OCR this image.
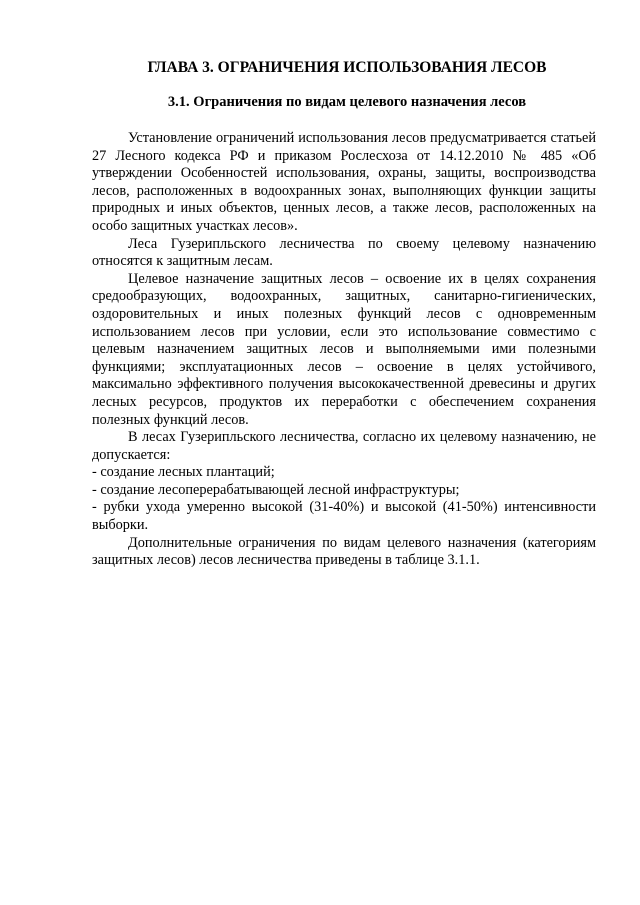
ГЛАВА 3. ОГРАНИЧЕНИЯ ИСПОЛЬЗОВАНИЯ ЛЕСОВ
3.1. Ограничения по видам целевого назначения лесов

Установление ограничений использования лесов предусматривается статьей 27 Лесного кодекса РФ и приказом Рослесхоза от 14.12.2010 № 485 «Об утверждении Особенностей использования, охраны, защиты, воспроизводства лесов, расположенных в водоохранных зонах, выполняющих функции защиты природных и иных объектов, ценных лесов, а также лесов, расположенных на особо защитных участках лесов».

Леса Гузерипльского лесничества по своему целевому назначению относятся к защитным лесам.

Целевое назначение защитных лесов – освоение их в целях сохранения средообразующих, водоохранных, защитных, санитарно-гигиенических, оздоровительных и иных полезных функций лесов с одновременным использованием лесов при условии, если это использование совместимо с целевым назначением защитных лесов и выполняемыми ими полезными функциями; эксплуатационных лесов – освоение в целях устойчивого, максимально эффективного получения высококачественной древесины и других лесных ресурсов, продуктов их переработки с обеспечением сохранения полезных функций лесов.

В лесах Гузерипльского лесничества, согласно их целевому назначению, не допускается:

- создание лесных плантаций;

- создание лесоперерабатывающей лесной инфраструктуры;

- рубки ухода умеренно высокой (31-40%) и высокой (41-50%) интенсивности выборки.

Дополнительные ограничения по видам целевого назначения (категориям защитных лесов) лесов лесничества приведены в таблице 3.1.1.
